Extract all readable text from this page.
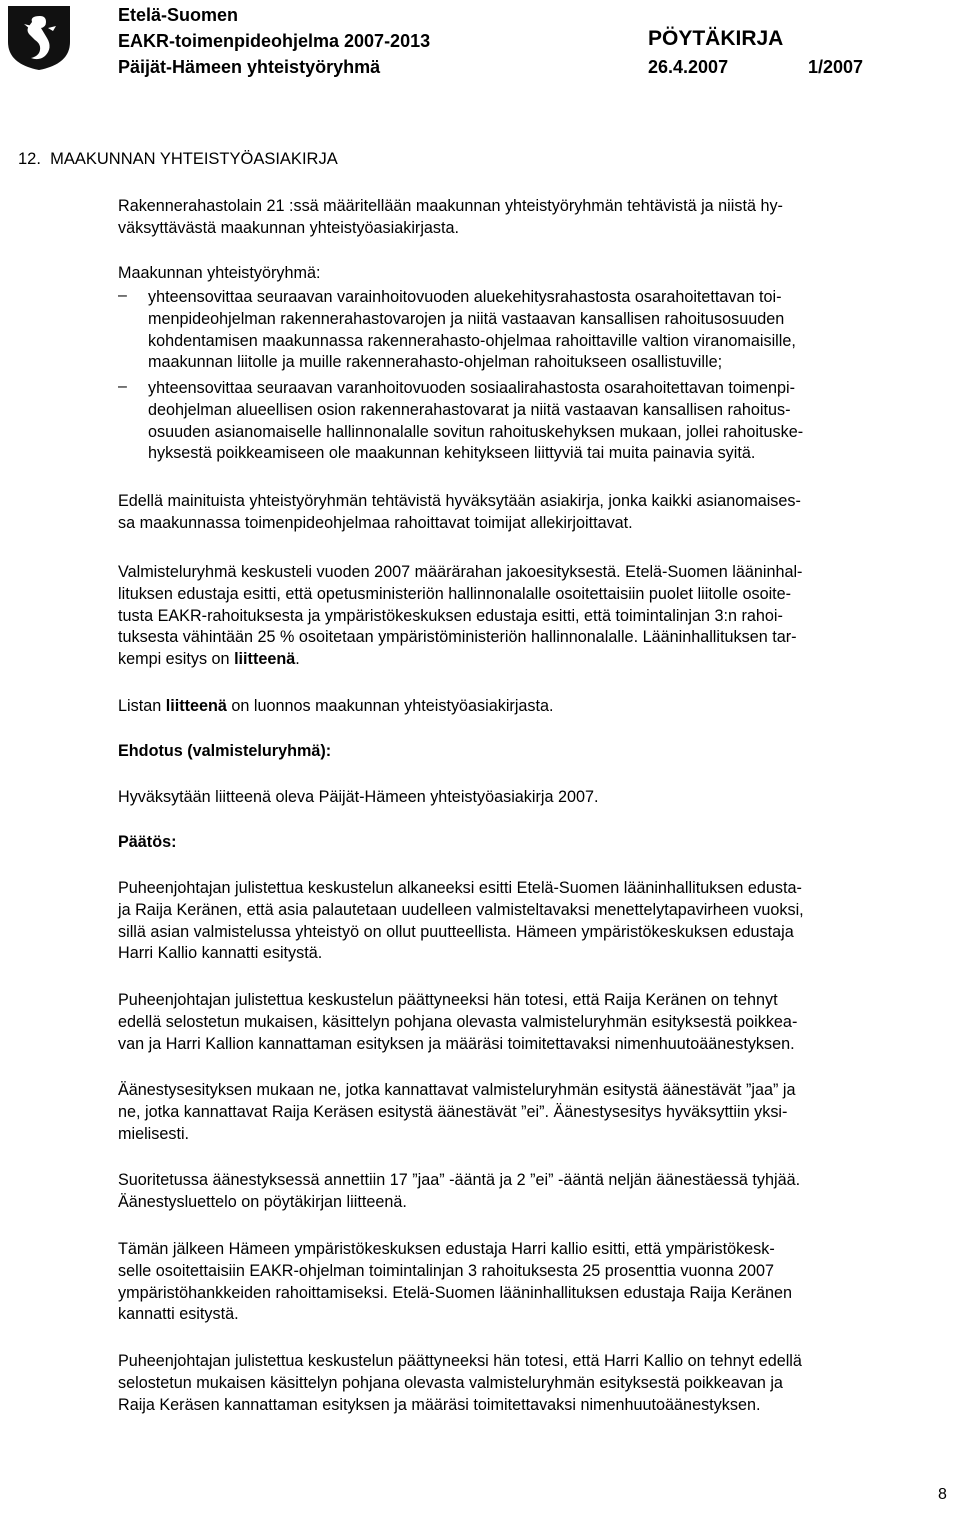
Etelä-Suomen
EAKR-toimenpideohjelma 2007-2013
Päijät-Hämeen yhteistyöryhmä
PÖYTÄKIRJA
26.4.2007	1/2007
12.  MAAKUNNAN YHTEISTYÖASIAKIRJA
Rakennerahastolain 21 :ssä määritellään maakunnan yhteistyöryhmän tehtävistä ja niistä hy-
väksyttävästä maakunnan yhteistyöasiakirjasta.
Maakunnan yhteistyöryhmä:
– yhteensovittaa seuraavan varainhoitovuoden aluekehitysrahastosta osarahoitettavan toi-
menpideohjelman rakennerahastovarojen ja niitä vastaavan kansallisen rahoitusosuuden
kohdentamisen maakunnassa rakennerahasto-ohjelmaa rahoittaville valtion viranomaisille,
maakunnan liitolle ja muille rakennerahasto-ohjelman rahoitukseen osallistuville;
– yhteensovittaa seuraavan varanhoitovuoden sosiaalirahastosta osarahoitettavan toimenpi-
deohjelman alueellisen osion rakennerahastovarat ja niitä vastaavan kansallisen rahoitus-
osuuden asianomaiselle hallinnonalalle sovitun rahoituskehyksen mukaan, jollei rahoituske-
hyksestä poikkeamiseen ole maakunnan kehitykseen liittyviä tai muita painavia syitä.
Edellä mainituista yhteistyöryhmän tehtävistä hyväksytään asiakirja, jonka kaikki asianomaises-
sa maakunnassa toimenpideohjelmaa rahoittavat toimijat allekirjoittavat.
Valmisteluryhmä keskusteli vuoden 2007 määrärahan jakoesityksestä. Etelä-Suomen lääninhal-
lituksen edustaja esitti, että opetusministeriön hallinnonalalle osoitettaisiin puolet liitolle osoite-
tusta EAKR-rahoituksesta ja ympäristökeskuksen edustaja esitti, että toimintalinjan 3:n rahoi-
tuksesta vähintään 25 % osoitetaan ympäristöministeriön hallinnonalalle. Lääninhallituksen tar-
kempi esitys on liitteenä.
Listan liitteenä on luonnos maakunnan yhteistyöasiakirjasta.
Ehdotus (valmisteluryhmä):
Hyväksytään liitteenä oleva Päijät-Hämeen yhteistyöasiakirja 2007.
Päätös:
Puheenjohtajan julistettua keskustelun alkaneeksi esitti Etelä-Suomen lääninhallituksen edusta-
ja Raija Keränen, että asia palautetaan uudelleen valmisteltavaksi menettelytapavirheen vuoksi,
sillä asian valmistelussa yhteistyö on ollut puutteellista. Hämeen ympäristökeskuksen edustaja
Harri Kallio kannatti esitystä.
Puheenjohtajan julistettua keskustelun päättyneeksi hän totesi, että Raija Keränen on tehnyt
edellä selostetun mukaisen, käsittelyn pohjana olevasta valmisteluryhmän esityksestä poikkea-
van ja Harri Kallion kannattaman esityksen ja määräsi toimitettavaksi nimenhuutoäänestyksen.
Äänestysesityksen mukaan ne, jotka kannattavat valmisteluryhmän esitystä äänestävät ”jaa” ja
ne, jotka kannattavat Raija Keräsen esitystä äänestävät ”ei”. Äänestysesitys hyväksyttiin yksi-
mielisesti.
Suoritetussa äänestyksessä annettiin 17 ”jaa” -ääntä ja 2 ”ei” -ääntä neljän äänestäessä tyhjää.
Äänestysluettelo on pöytäkirjan liitteenä.
Tämän jälkeen Hämeen ympäristökeskuksen edustaja Harri kallio esitti, että ympäristökesk-
selle osoitettaisiin EAKR-ohjelman toimintalinjan 3 rahoituksesta 25 prosenttia vuonna 2007
ympäristöhankkeiden rahoittamiseksi. Etelä-Suomen lääninhallituksen edustaja Raija Keränen
kannatti esitystä.
Puheenjohtajan julistettua keskustelun päättyneeksi hän totesi, että Harri Kallio on tehnyt edellä
selostetun mukaisen käsittelyn pohjana olevasta valmisteluryhmän esityksestä poikkeavan ja
Raija Keräsen kannattaman esityksen ja määräsi toimitettavaksi nimenhuutoäänestyksen.
8
